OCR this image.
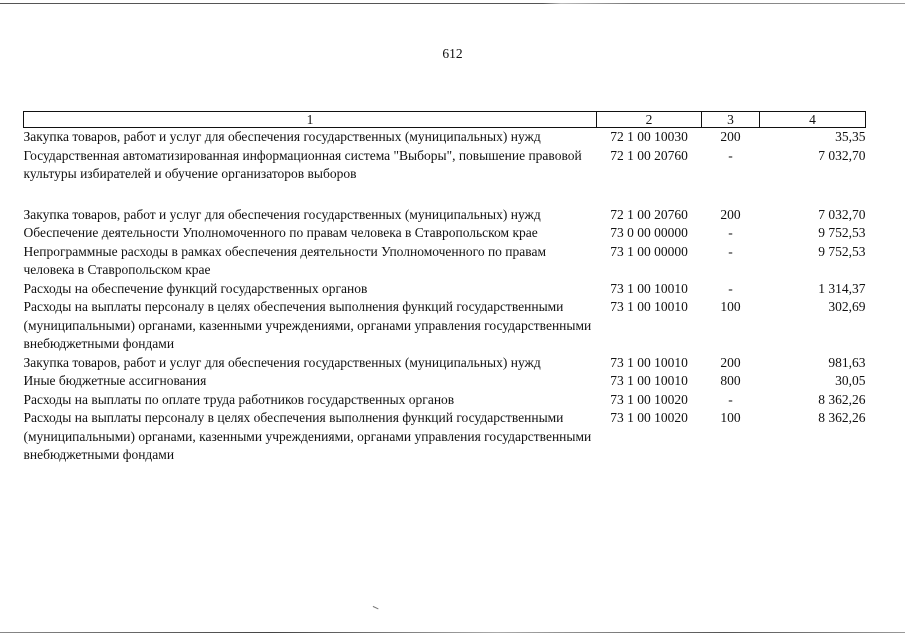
612
1	2	3	4
Закупка товаров, работ и услуг для обеспечения государственных (муниципальных) нужд	72 1 00 10030	200	35,35
Государственная автоматизированная информационная система "Выборы", повышение правовой культуры избирателей и обучение организаторов выборов	72 1 00 20760	-	7 032,70

Закупка товаров, работ и услуг для обеспечения государственных (муниципальных) нужд	72 1 00 20760	200	7 032,70
Обеспечение деятельности Уполномоченного по правам человека в Ставропольском крае	73 0 00 00000	-	9 752,53
Непрограммные расходы в рамках обеспечения деятельности Уполномоченного по правам человека в Ставропольском крае	73 1 00 00000	-	9 752,53
Расходы на обеспечение функций государственных органов	73 1 00 10010	-	1 314,37
Расходы на выплаты персоналу в целях обеспечения выполнения функций государственными (муниципальными) органами, казенными учреждениями, органами управления государственными внебюджетными фондами	73 1 00 10010	100	302,69
Закупка товаров, работ и услуг для обеспечения государственных (муниципальных) нужд	73 1 00 10010	200	981,63
Иные бюджетные ассигнования	73 1 00 10010	800	30,05
Расходы на выплаты по оплате труда работников государственных органов	73 1 00 10020	-	8 362,26
Расходы на выплаты персоналу в целях обеспечения выполнения функций государственными (муниципальными) органами, казенными учреждениями, органами управления государственными внебюджетными фондами	73 1 00 10020	100	8 362,26
